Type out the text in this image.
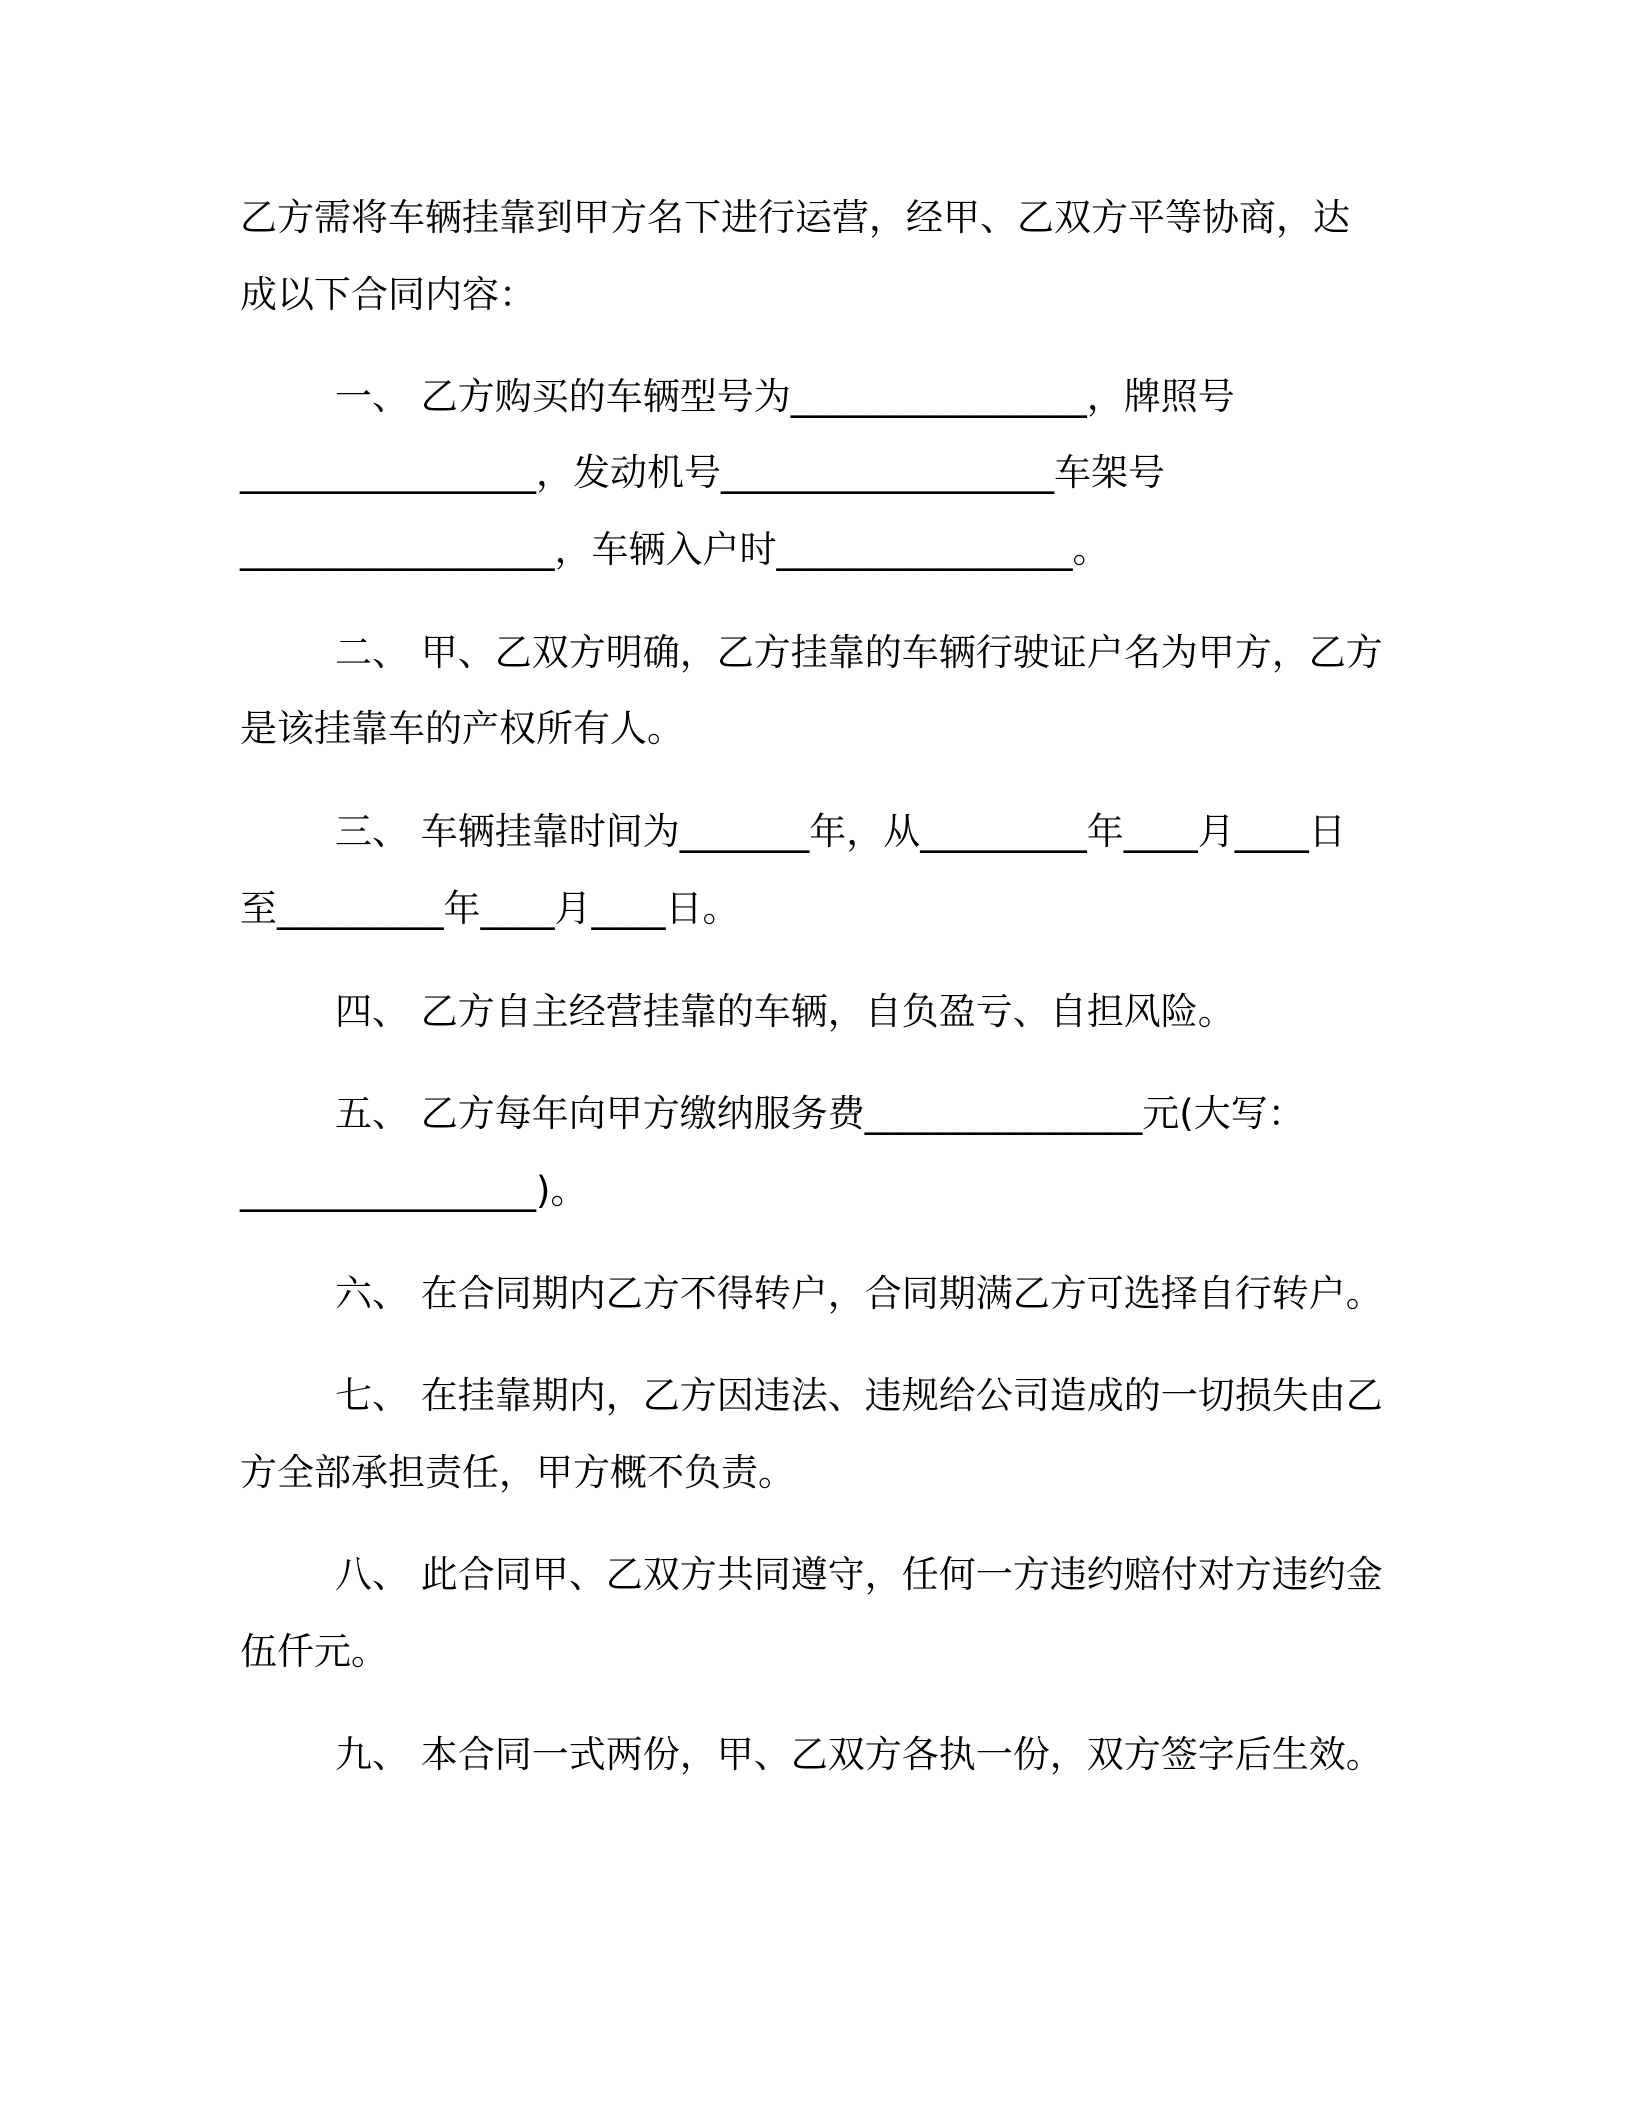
乙方需将车辆挂靠到甲方名下进行运营，经甲、乙双方平等协商，达
成以下合同内容：
一、 乙方购买的车辆型号为________________，牌照号
________________，发动机号__________________车架号
_________________，车辆入户时________________。
二、 甲、乙双方明确，乙方挂靠的车辆行驶证户名为甲方，乙方
是该挂靠车的产权所有人。
三、 车辆挂靠时间为_______年，从_________年____月____日
至_________年____月____日。
四、 乙方自主经营挂靠的车辆，自负盈亏、自担风险。
五、 乙方每年向甲方缴纳服务费_______________元(大写：
________________)。
六、 在合同期内乙方不得转户，合同期满乙方可选择自行转户。
七、 在挂靠期内，乙方因违法、违规给公司造成的一切损失由乙
方全部承担责任，甲方概不负责。
八、 此合同甲、乙双方共同遵守，任何一方违约赔付对方违约金
伍仟元。
九、 本合同一式两份，甲、乙双方各执一份，双方签字后生效。
